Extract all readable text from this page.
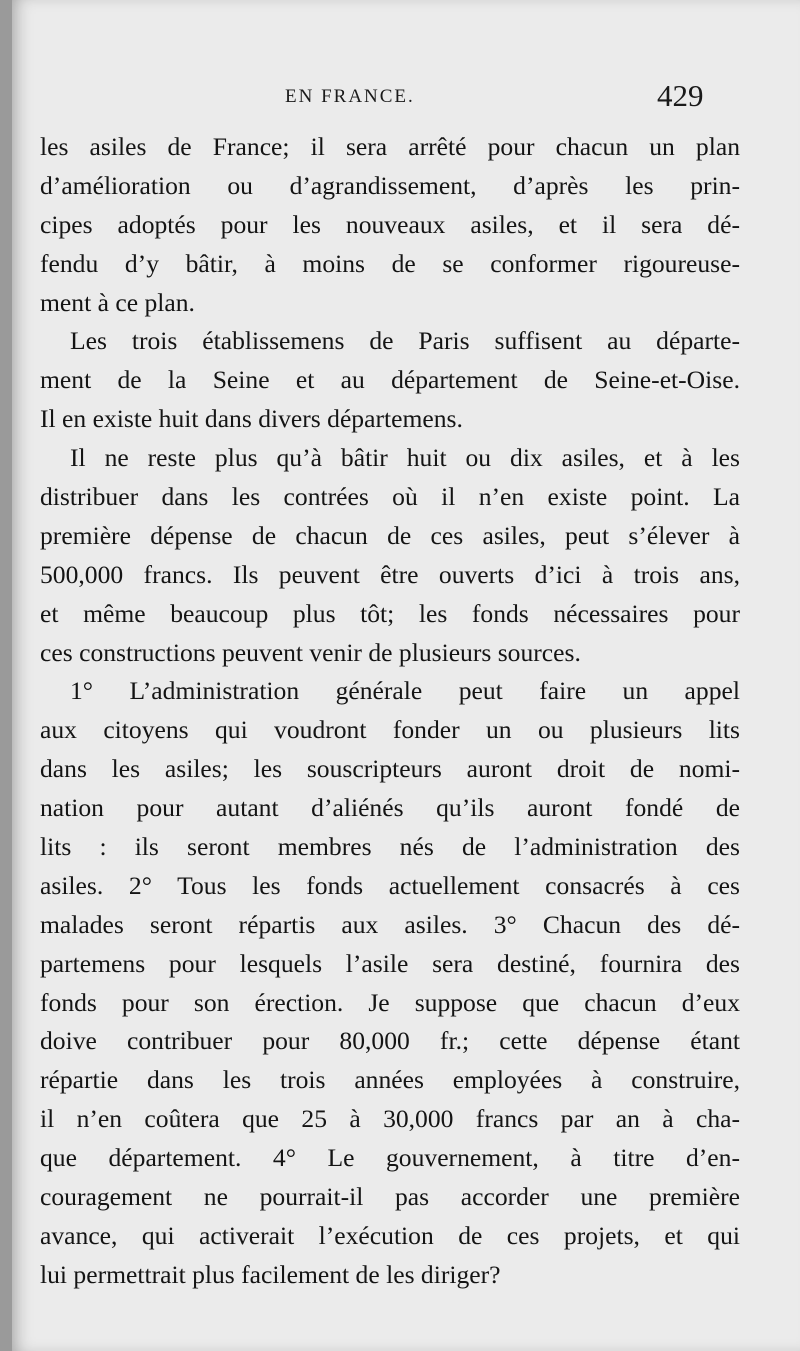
EN FRANCE.	429
les asiles de France; il sera arrêté pour chacun un plan
d’amélioration ou d’agrandissement, d’après les prin-
cipes adoptés pour les nouveaux asiles, et il sera dé-
fendu d’y bâtir, à moins de se conformer rigoureuse-
ment à ce plan.
Les trois établissemens de Paris suffisent au départe-
ment de la Seine et au département de Seine-et-Oise.
Il en existe huit dans divers départemens.
Il ne reste plus qu’à bâtir huit ou dix asiles, et à les
distribuer dans les contrées où il n’en existe point. La
première dépense de chacun de ces asiles, peut s’élever à
500,000 francs. Ils peuvent être ouverts d’ici à trois ans,
et même beaucoup plus tôt; les fonds nécessaires pour
ces constructions peuvent venir de plusieurs sources.
1° L’administration générale peut faire un appel
aux citoyens qui voudront fonder un ou plusieurs lits
dans les asiles; les souscripteurs auront droit de nomi-
nation pour autant d’aliénés qu’ils auront fondé de
lits : ils seront membres nés de l’administration des
asiles. 2° Tous les fonds actuellement consacrés à ces
malades seront répartis aux asiles. 3° Chacun des dé-
partemens pour lesquels l’asile sera destiné, fournira des
fonds pour son érection. Je suppose que chacun d’eux
doive contribuer pour 80,000 fr.; cette dépense étant
répartie dans les trois années employées à construire,
il n’en coûtera que 25 à 30,000 francs par an à cha-
que département. 4° Le gouvernement, à titre d’en-
couragement ne pourrait-il pas accorder une première
avance, qui activerait l’exécution de ces projets, et qui
lui permettrait plus facilement de les diriger?
